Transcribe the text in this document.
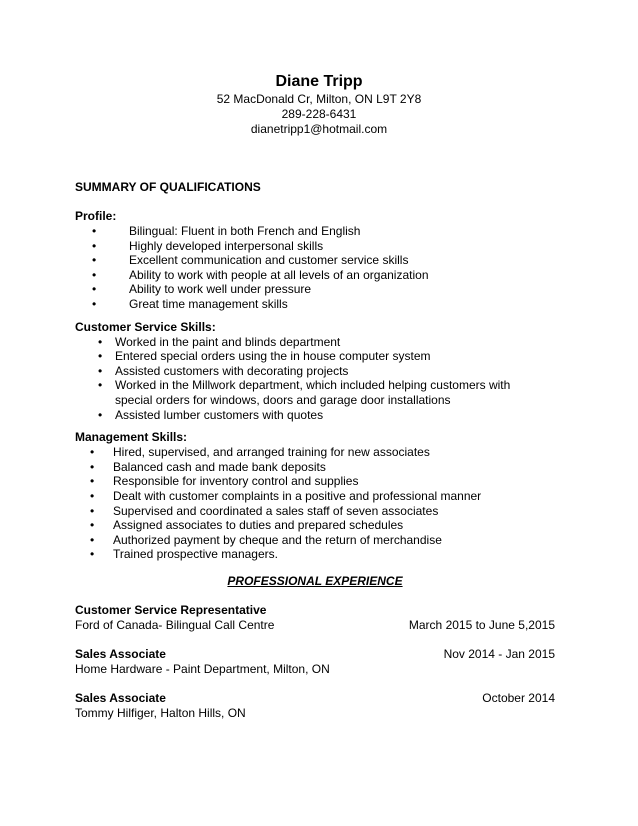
Diane Tripp
52 MacDonald Cr, Milton, ON L9T 2Y8
289-228-6431
dianetripp1@hotmail.com
SUMMARY OF QUALIFICATIONS
Profile:
•	Bilingual: Fluent in both French and English
•	Highly developed interpersonal skills
•	Excellent communication and customer service skills
•	Ability to work with people at all levels of an organization
•	Ability to work well under pressure
•	Great time management skills
Customer Service Skills:
• Worked in the paint and blinds department
• Entered special orders using the in house computer system
• Assisted customers with decorating projects
• Worked in the Millwork department, which included helping customers with special orders for windows, doors and garage door installations
• Assisted lumber customers with quotes
Management Skills:
• Hired, supervised, and arranged training for new associates
• Balanced cash and made bank deposits
• Responsible for inventory control and supplies
• Dealt with customer complaints in a positive and professional manner
• Supervised and coordinated a sales staff of seven associates
• Assigned associates to duties and prepared schedules
• Authorized payment by cheque and the return of merchandise
• Trained prospective managers.
PROFESSIONAL EXPERIENCE
Customer Service Representative
Ford of Canada- Bilingual Call Centre	March 2015 to June 5,2015
Sales Associate	Nov 2014 - Jan 2015
Home Hardware - Paint Department, Milton, ON
Sales Associate	October 2014
Tommy Hilfiger, Halton Hills, ON
